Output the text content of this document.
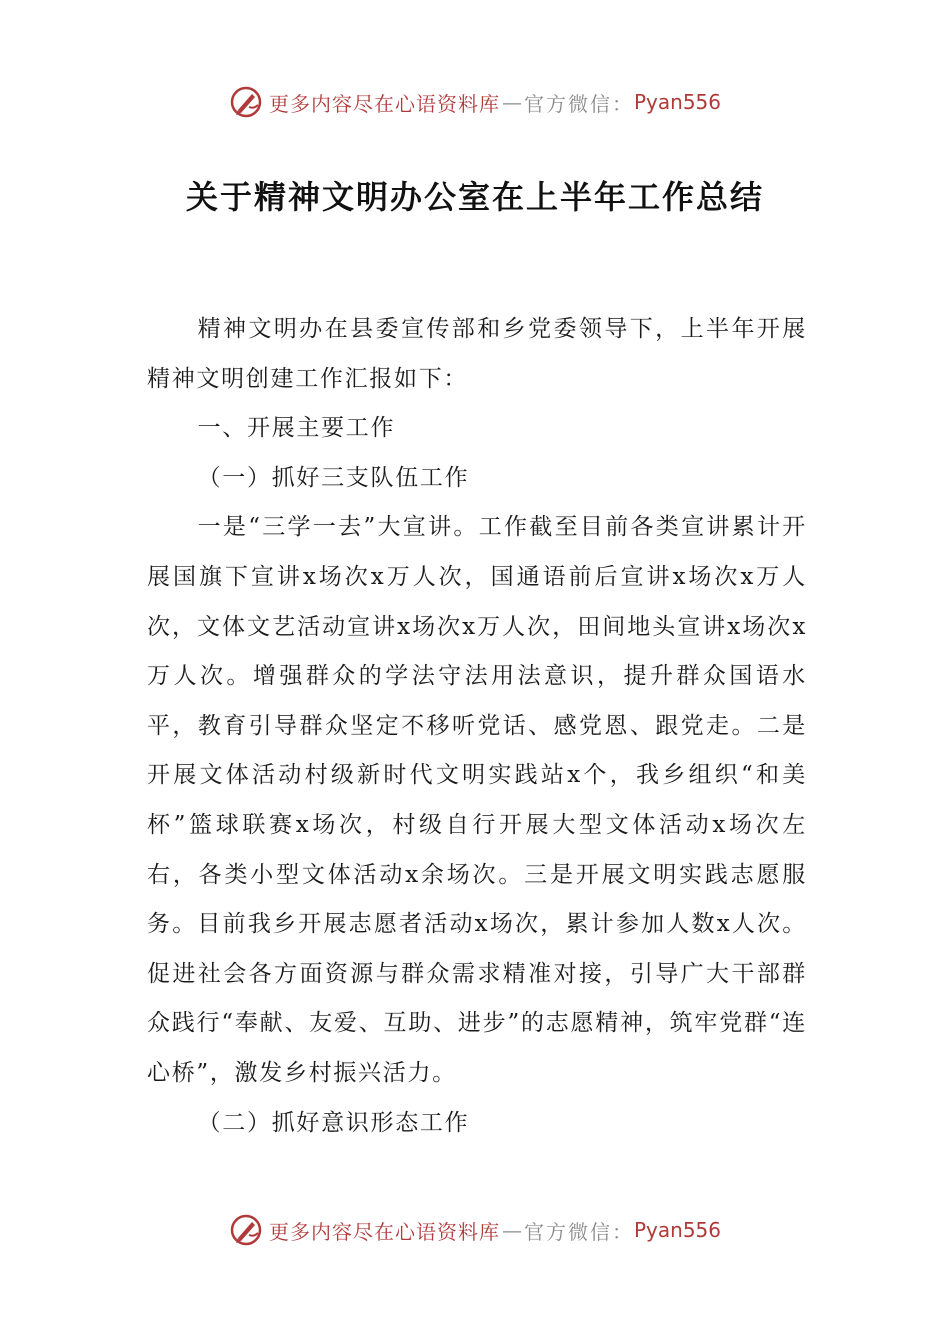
更多内容尽在心语资料库 — 官方微信： Pyan556
关于精神文明办公室在上半年工作总结

精神文明办在县委宣传部和乡党委领导下，上半年开展精神文明创建工作汇报如下：

一、开展主要工作

（一）抓好三支队伍工作

一是“三学一去”大宣讲。工作截至目前各类宣讲累计开展国旗下宣讲x场次x万人次，国通语前后宣讲x场次x万人次，文体文艺活动宣讲x场次x万人次，田间地头宣讲x场次x万人次。增强群众的学法守法用法意识，提升群众国语水平，教育引导群众坚定不移听党话、感党恩、跟党走。二是开展文体活动村级新时代文明实践站x个，我乡组织“和美杯”篮球联赛x场次，村级自行开展大型文体活动x场次左右，各类小型文体活动x余场次。三是开展文明实践志愿服务。目前我乡开展志愿者活动x场次，累计参加人数x人次。促进社会各方面资源与群众需求精准对接，引导广大干部群众践行“奉献、友爱、互助、进步”的志愿精神，筑牢党群“连心桥”，激发乡村振兴活力。

（二）抓好意识形态工作

更多内容尽在心语资料库 — 官方微信： Pyan556
